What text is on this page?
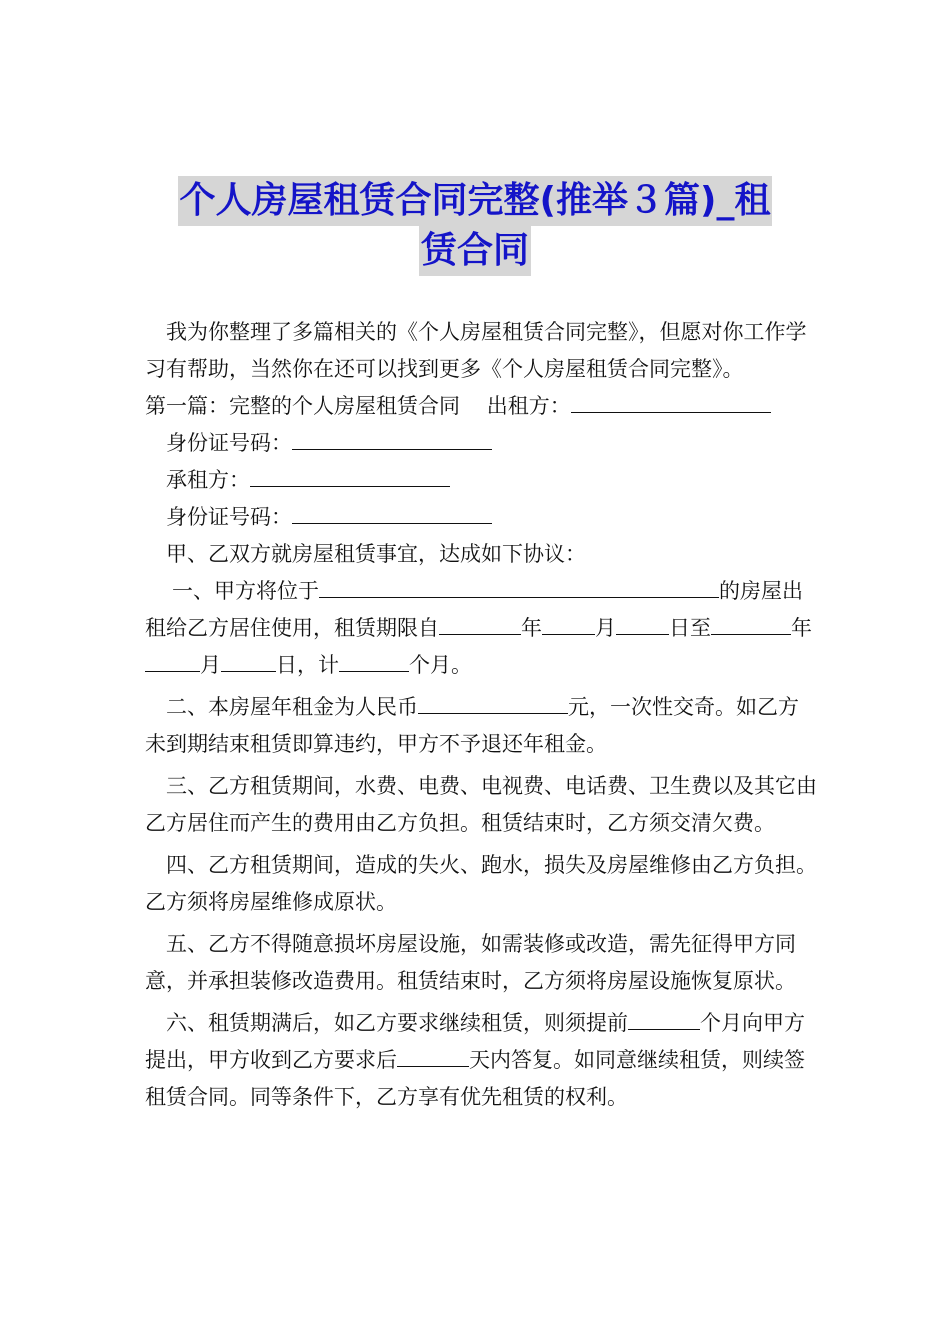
个人房屋租赁合同完整(推举３篇)_租
赁合同

我为你整理了多篇相关的《个人房屋租赁合同完整》，但愿对你工作学习有帮助，当然你在还可以找到更多《个人房屋租赁合同完整》。

第一篇：完整的个人房屋租赁合同 出租方：

身份证号码：

承租方：

身份证号码：

甲、乙双方就房屋租赁事宜，达成如下协议：

一、甲方将位于	的房屋出租给乙方居住使用，租赁期限自	年	月	日至	年月	日，计	个月。

二、本房屋年租金为人民币	元，一次性交奇。如乙方未到期结束租赁即算违约，甲方不予退还年租金。

三、乙方租赁期间，水费、电费、电视费、电话费、卫生费以及其它由乙方居住而产生的费用由乙方负担。租赁结束时，乙方须交清欠费。

四、乙方租赁期间，造成的失火、跑水，损失及房屋维修由乙方负担。乙方须将房屋维修成原状。

五、乙方不得随意损坏房屋设施，如需装修或改造，需先征得甲方同意，并承担装修改造费用。租赁结束时，乙方须将房屋设施恢复原状。

六、租赁期满后，如乙方要求继续租赁，则须提前	个月向甲方提出，甲方收到乙方要求后	天内答复。如同意继续租赁，则续签租赁合同。同等条件下，乙方享有优先租赁的权利。
